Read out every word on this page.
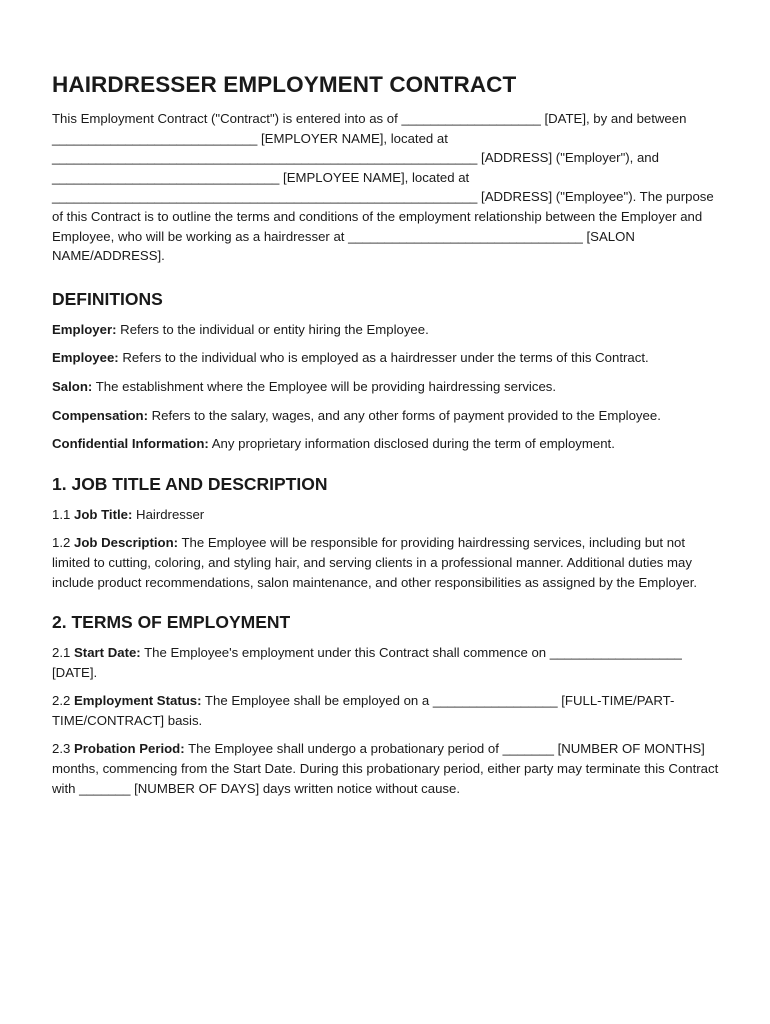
HAIRDRESSER EMPLOYMENT CONTRACT

This Employment Contract ("Contract") is entered into as of ___________________ [DATE], by and between ____________________________ [EMPLOYER NAME], located at __________________________________________________________ [ADDRESS] ("Employer"), and _______________________________ [EMPLOYEE NAME], located at __________________________________________________________ [ADDRESS] ("Employee"). The purpose of this Contract is to outline the terms and conditions of the employment relationship between the Employer and Employee, who will be working as a hairdresser at ________________________________ [SALON NAME/ADDRESS].

DEFINITIONS

Employer: Refers to the individual or entity hiring the Employee.

Employee: Refers to the individual who is employed as a hairdresser under the terms of this Contract.

Salon: The establishment where the Employee will be providing hairdressing services.

Compensation: Refers to the salary, wages, and any other forms of payment provided to the Employee.

Confidential Information: Any proprietary information disclosed during the term of employment.

1. JOB TITLE AND DESCRIPTION

1.1 Job Title: Hairdresser

1.2 Job Description: The Employee will be responsible for providing hairdressing services, including but not limited to cutting, coloring, and styling hair, and serving clients in a professional manner. Additional duties may include product recommendations, salon maintenance, and other responsibilities as assigned by the Employer.

2. TERMS OF EMPLOYMENT

2.1 Start Date: The Employee's employment under this Contract shall commence on __________________ [DATE].

2.2 Employment Status: The Employee shall be employed on a _________________ [FULL-TIME/PART-TIME/CONTRACT] basis.

2.3 Probation Period: The Employee shall undergo a probationary period of _______ [NUMBER OF MONTHS] months, commencing from the Start Date. During this probationary period, either party may terminate this Contract with _______ [NUMBER OF DAYS] days written notice without cause.
